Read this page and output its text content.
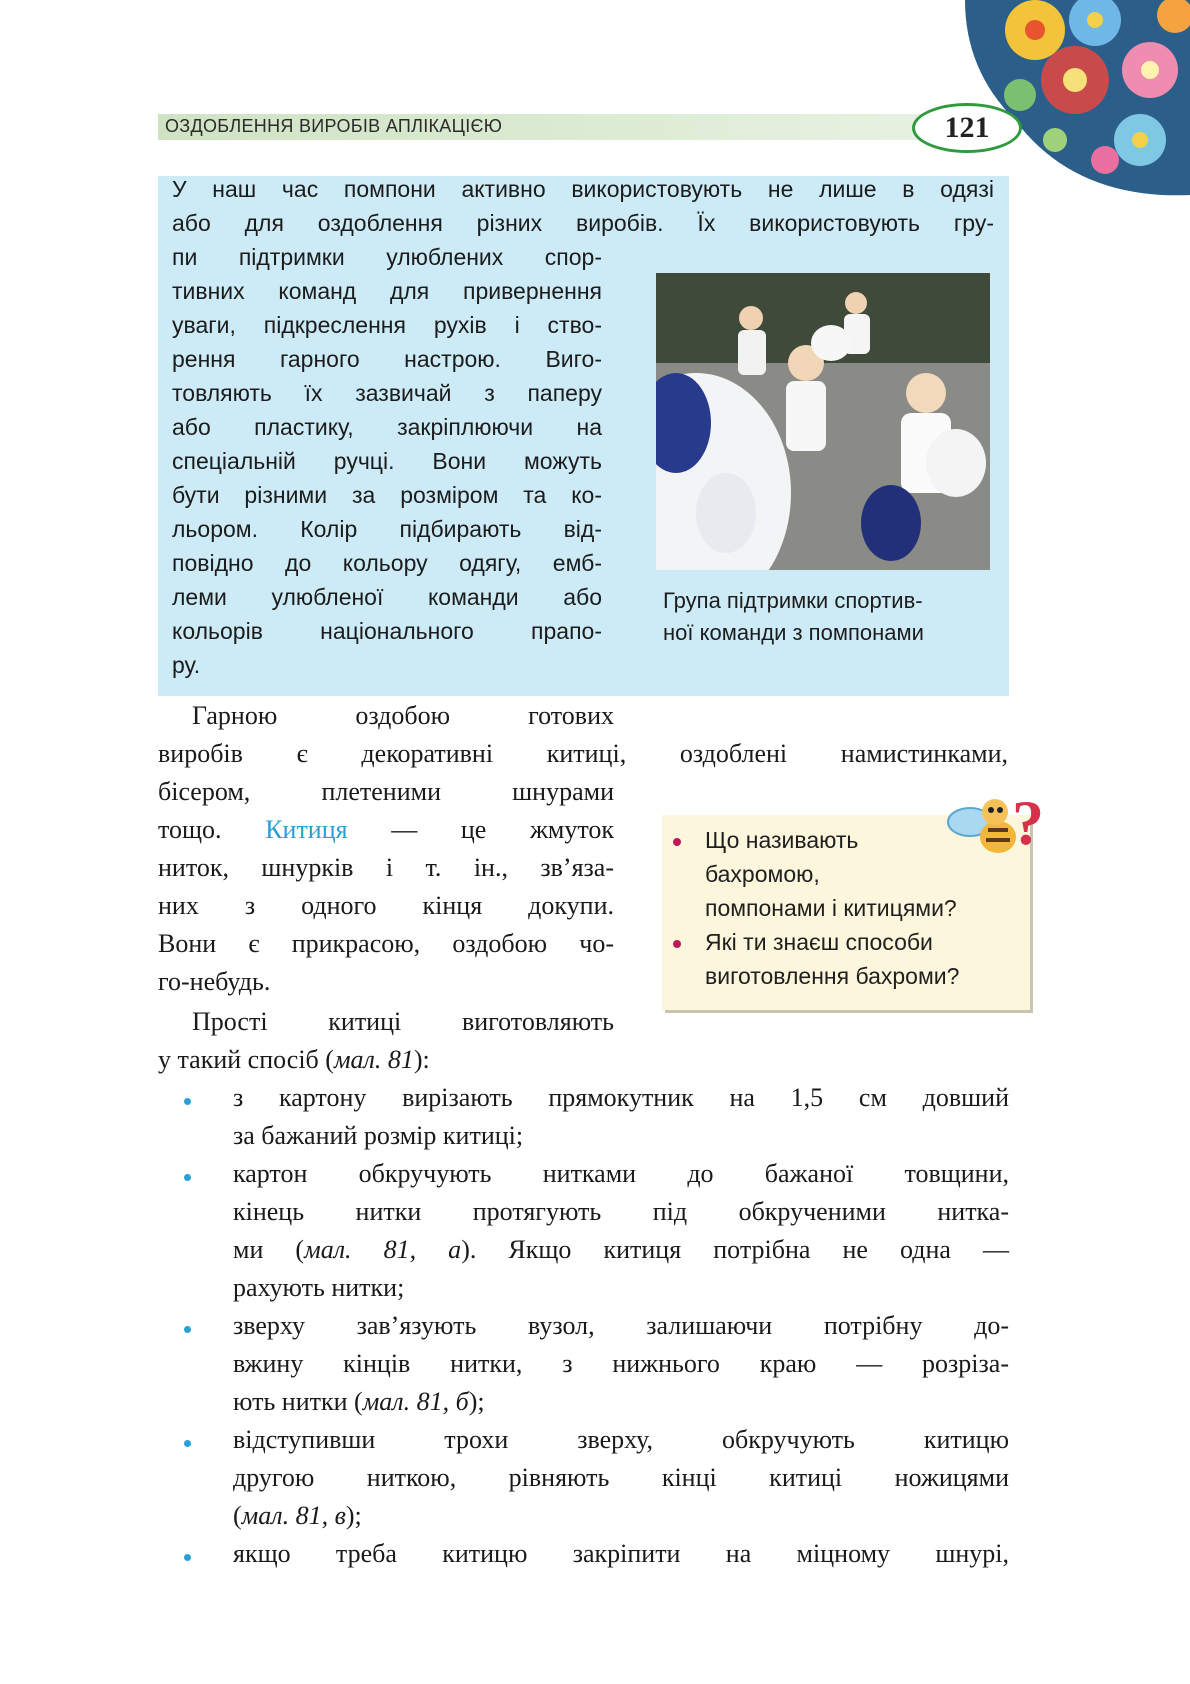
ОЗДОБЛЕННЯ ВИРОБІВ АПЛІКАЦІЄЮ	121
У наш час помпони активно використовують не лише в одязі
або для оздоблення різних виробів. Їх використовують гру-
пи підтримки улюблених спор-
тивних команд для привернення
уваги, підкреслення рухів і ство-
рення гарного настрою. Виго-
товляють їх зазвичай з паперу
або пластику, закріплюючи на
спеціальній ручці. Вони можуть
бути різними за розміром та ко-
льором. Колір підбирають від-
повідно до кольору одягу, емб-
леми улюбленої команди або
кольорів національного прапо-
ру.
Група підтримки спортив-
ної команди з помпонами
Гарною оздобою готових
виробів є декоративні китиці, оздоблені намистинками,
бісером, плетеними шнурами
тощо. Китиця — це жмуток
ниток, шнурків і т. ін., зв’яза-
них з одного кінця докупи.
Вони є прикрасою, оздобою чо-
го-небудь.
Прості китиці виготовляють
у такий спосіб (мал. 81):
?
Що називають
бахромою,
помпонами і китицями?
Які ти знаєш способи
виготовлення бахроми?
з картону вирізають прямокутник на 1,5 см довший
за бажаний розмір китиці;
картон обкручують нитками до бажаної товщини,
кінець нитки протягують під обкрученими нитка-
ми (мал. 81, а). Якщо китиця потрібна не одна —
рахують нитки;
зверху зав’язують вузол, залишаючи потрібну до-
вжину кінців нитки, з нижнього краю — розріза-
ють нитки (мал. 81, б);
відступивши трохи зверху, обкручують китицю
другою ниткою, рівняють кінці китиці ножицями
(мал. 81, в);
якщо треба китицю закріпити на міцному шнурі,
